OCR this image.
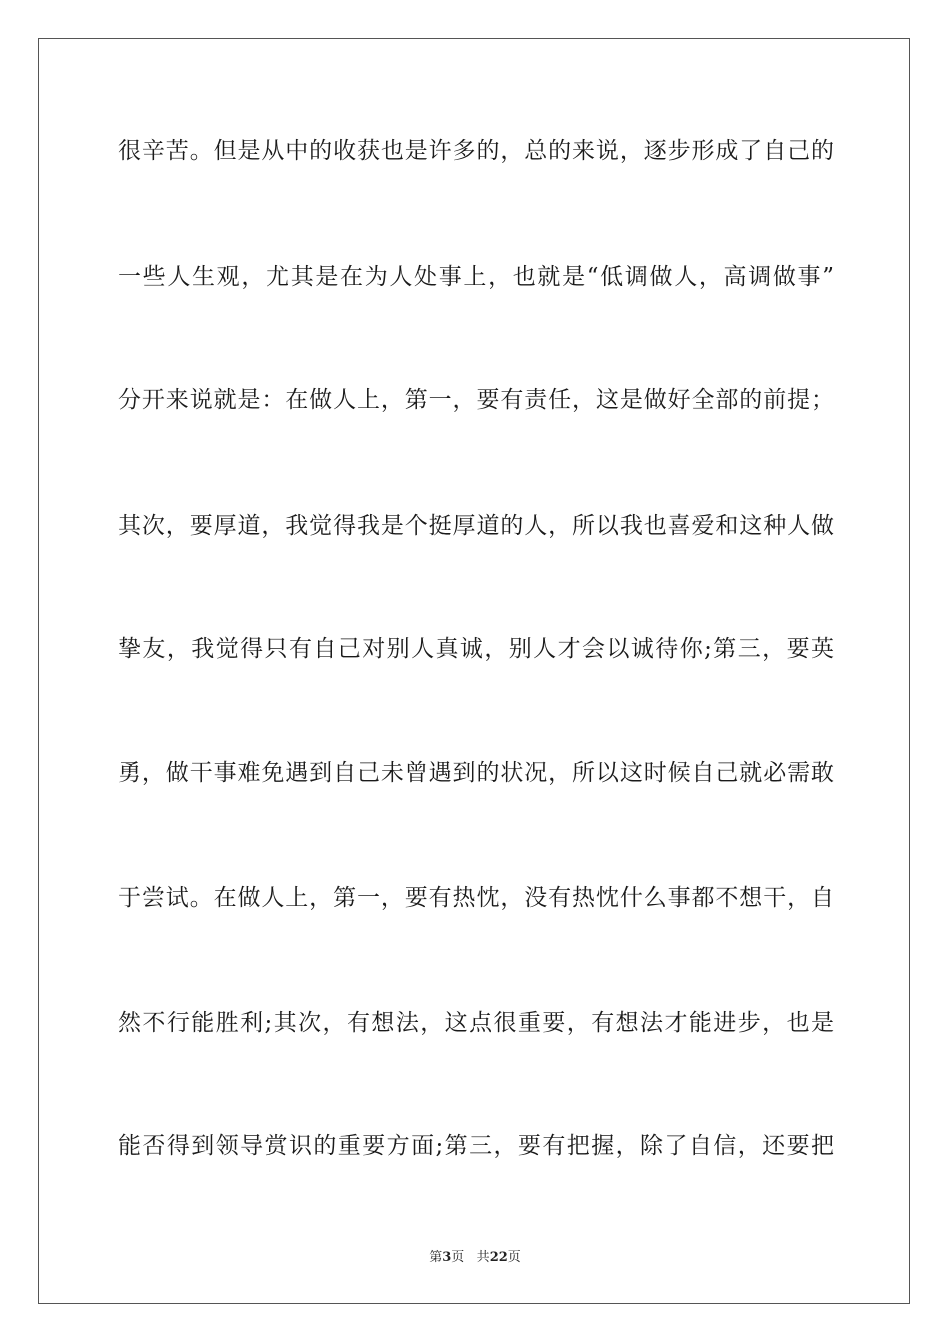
很辛苦。但是从中的收获也是许多的，总的来说，逐步形成了自己的
一些人生观，尤其是在为人处事上，也就是“低调做人，高调做事”
分开来说就是：在做人上，第一，要有责任，这是做好全部的前提；
其次，要厚道，我觉得我是个挺厚道的人，所以我也喜爱和这种人做
挚友，我觉得只有自己对别人真诚，别人才会以诚待你;第三，要英
勇，做干事难免遇到自己未曾遇到的状况，所以这时候自己就必需敢
于尝试。在做人上，第一，要有热忱，没有热忱什么事都不想干，自
然不行能胜利;其次，有想法，这点很重要，有想法才能进步，也是
能否得到领导赏识的重要方面;第三，要有把握，除了自信，还要把
第3页 共22页
